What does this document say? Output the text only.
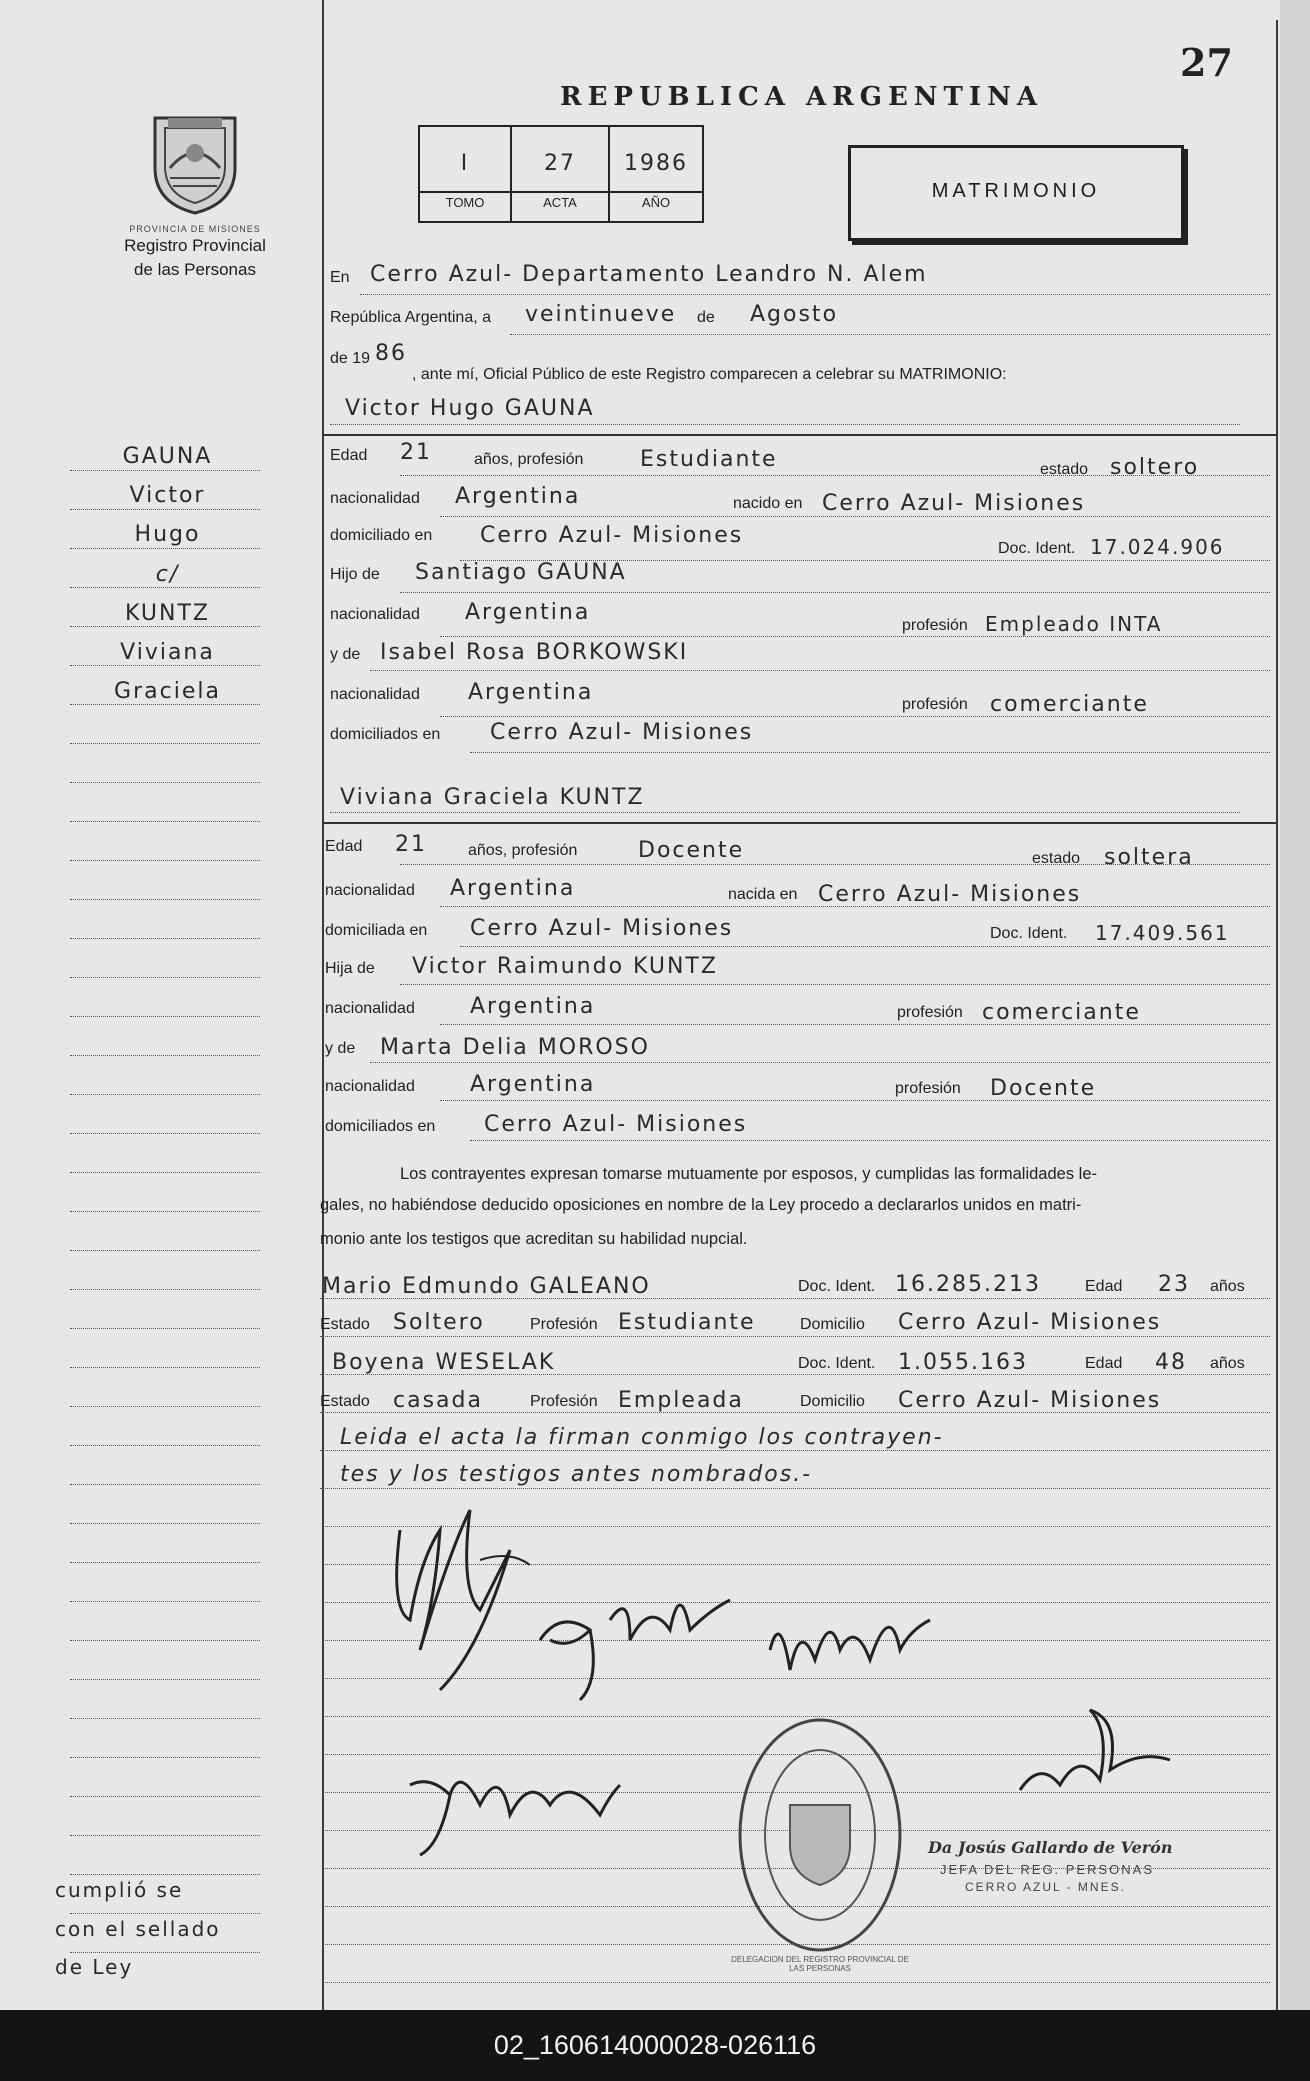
27
REPUBLICA ARGENTINA
PROVINCIA DE MISIONES
Registro Provincial
de las Personas
I
TOMO
27
ACTA
1986
AÑO
MATRIMONIO
En Cerro Azul- Departamento Leandro N. Alem
República Argentina, a veintinueve de Agosto
de 19 86
, ante mí, Oficial Público de este Registro comparecen a celebrar su MATRIMONIO:
Victor Hugo GAUNA
Edad 21	años, profesión	Estudiante	estado soltero
nacionalidad Argentina	nacido en Cerro Azul- Misiones
domiciliado en Cerro Azul- Misiones
Doc. Ident. 17.024.906
Hijo de Santiago GAUNA
nacionalidad Argentina
profesión Empleado INTA
y de Isabel Rosa BORKOWSKI
nacionalidad Argentina	profesión comerciante
domiciliados en Cerro Azul- Misiones
Viviana Graciela KUNTZ
Edad 21	años, profesión	Docente	estado soltera
nacionalidad Argentina	nacida en Cerro Azul- Misiones
domiciliada en Cerro Azul- Misiones	Doc. Ident. 17.409.561
Hija de Victor Raimundo KUNTZ
nacionalidad	Argentina	profesión comerciante
y de Marta Delia MOROSO
nacionalidad	Argentina	profesión Docente
domiciliados en Cerro Azul- Misiones
Los contrayentes expresan tomarse mutuamente por esposos, y cumplidas las formalidades le-
gales, no habiéndose deducido oposiciones en nombre de la Ley procedo a declararlos unidos en matri-
monio ante los testigos que acreditan su habilidad nupcial.
Mario Edmundo GALEANO	Doc. Ident. 16.285.213	Edad 23 años
Estado Soltero	Profesión Estudiante	Domicilio Cerro Azul- Misiones
Boyena WESELAK	Doc. Ident. 1.055.163	Edad 48 años
Estado casada	Profesión Empleada	Domicilio Cerro Azul- Misiones
Leida el acta la firman conmigo los contrayen-
tes y los testigos antes nombrados.-
GAUNA
Victor
Hugo
c/
KUNTZ
Viviana
Graciela
cumplió se
con el sellado
de Ley	DELEGACION DEL REGISTRO PROVINCIAL DE LAS PERSONAS
Da Josús Gallardo de Verón
JEFA DEL REG. PERSONAS
CERRO AZUL - MNES.
02_160614000028-026116
